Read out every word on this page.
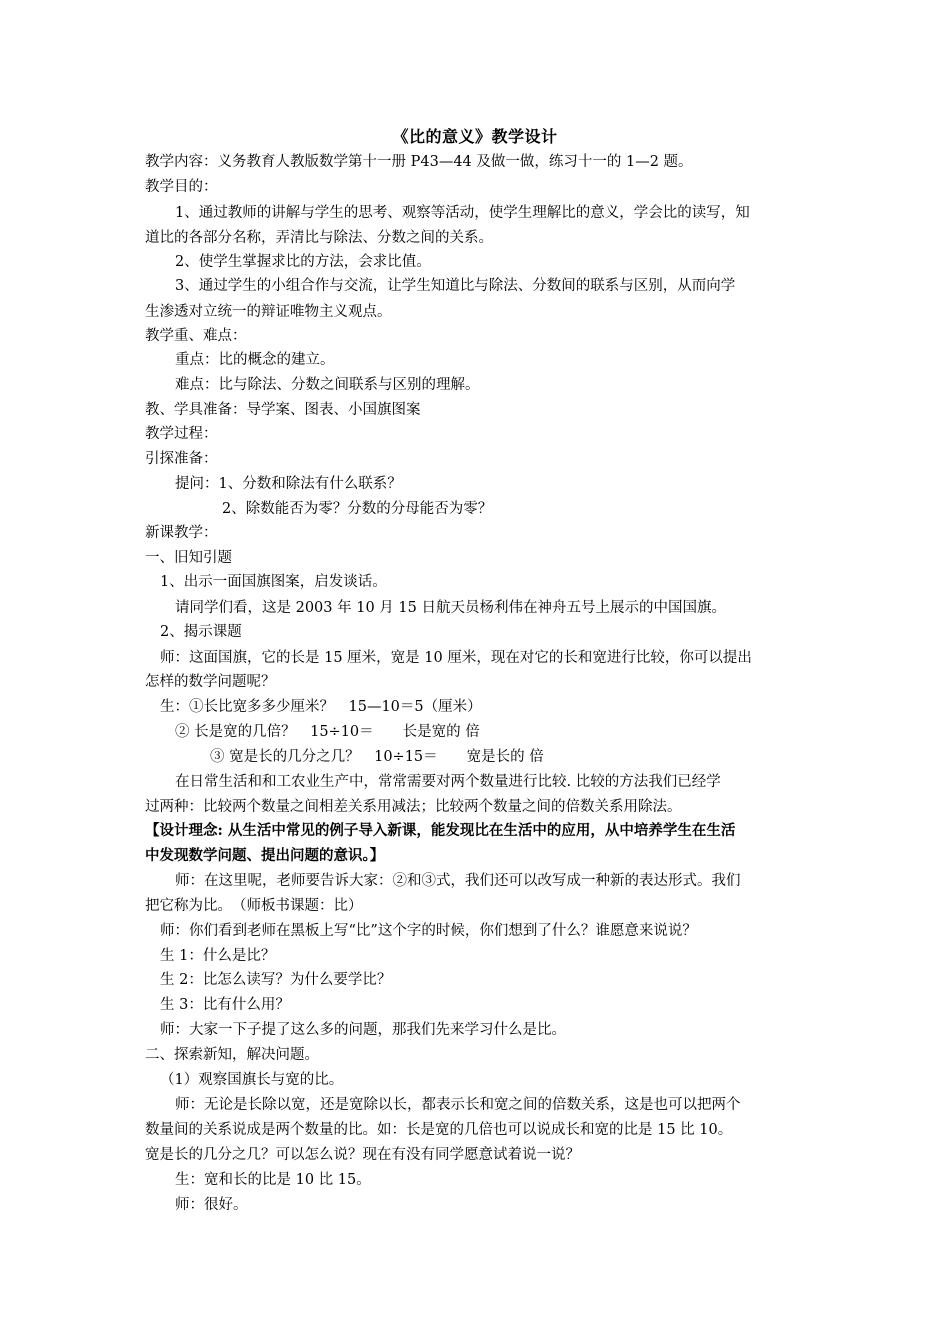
《比的意义》教学设计
教学内容：义务教育人教版数学第十一册 P43—44 及做一做，练习十一的 1—2 题。
教学目的：
1、通过教师的讲解与学生的思考、观察等活动，使学生理解比的意义，学会比的读写，知
道比的各部分名称，弄清比与除法、分数之间的关系。
2、使学生掌握求比的方法，会求比值。
3、通过学生的小组合作与交流，让学生知道比与除法、分数间的联系与区别，从而向学
生渗透对立统一的辩证唯物主义观点。
教学重、难点：
重点：比的概念的建立。
难点：比与除法、分数之间联系与区别的理解。
教、学具准备：导学案、图表、小国旗图案
教学过程：
引探准备：
提问：1、分数和除法有什么联系？
2、除数能否为零？分数的分母能否为零？
新课教学：
一、旧知引题
1、出示一面国旗图案，启发谈话。
请同学们看，这是 2003 年 10 月 15 日航天员杨利伟在神舟五号上展示的中国国旗。
2、揭示课题
师：这面国旗，它的长是 15 厘米，宽是 10 厘米，现在对它的长和宽进行比较，你可以提出
怎样的数学问题呢？
生：①长比宽多多少厘米？　15—10＝5（厘米）
② 长是宽的几倍？　15÷10＝　　长是宽的 倍
③ 宽是长的几分之几？　10÷15＝　　宽是长的 倍
在日常生活和和工农业生产中，常常需要对两个数量进行比较. 比较的方法我们已经学
过两种：比较两个数量之间相差关系用减法；比较两个数量之间的倍数关系用除法。
【设计理念: 从生活中常见的例子导入新课，能发现比在生活中的应用，从中培养学生在生活
中发现数学问题、提出问题的意识。】
师：在这里呢，老师要告诉大家：②和③式，我们还可以改写成一种新的表达形式。我们
把它称为比。　（师板书课题：比）
师：你们看到老师在黑板上写“比”这个字的时候，你们想到了什么？谁愿意来说说？
生 1：什么是比？
生 2：比怎么读写？为什么要学比？
生 3：比有什么用？
师：大家一下子提了这么多的问题，那我们先来学习什么是比。
二、探索新知，解决问题。
（1）观察国旗长与宽的比。
师：无论是长除以宽，还是宽除以长，都表示长和宽之间的倍数关系，这是也可以把两个
数量间的关系说成是两个数量的比。如：长是宽的几倍也可以说成长和宽的比是 15 比 10。
宽是长的几分之几？可以怎么说？现在有没有同学愿意试着说一说？
生：宽和长的比是 10 比 15。
师：很好。
